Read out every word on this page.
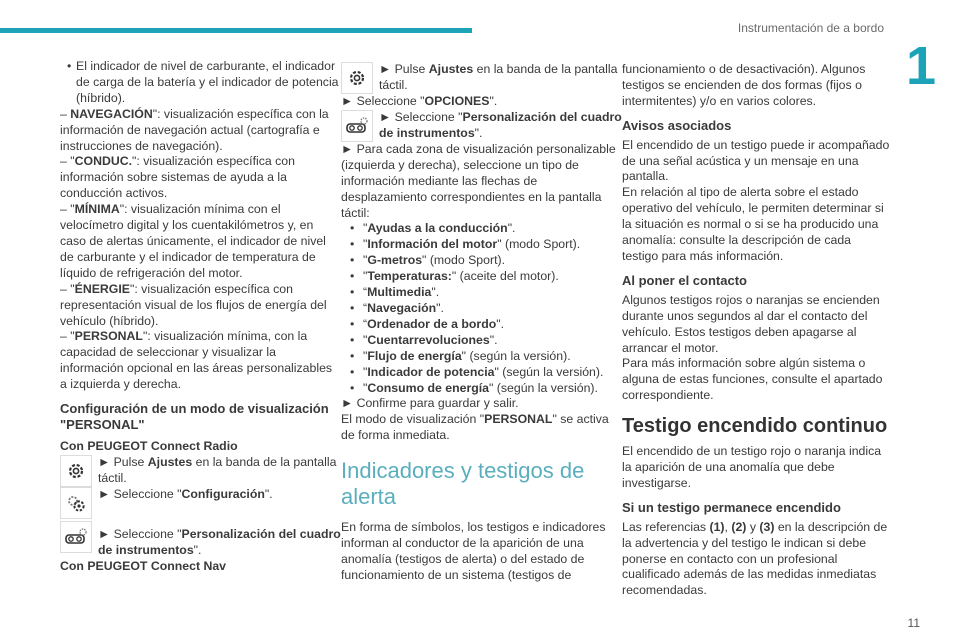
Instrumentación de a bordo
1

• El indicador de nivel de carburante, el indicador de carga de la batería y el indicador de potencia (híbrido).

– NAVEGACIÓN": visualización específica con la información de navegación actual (cartografía e instrucciones de navegación).

– "CONDUC.": visualización específica con información sobre sistemas de ayuda a la conducción activos.

– "MÍNIMA": visualización mínima con el velocímetro digital y los cuentakilómetros y, en caso de alertas únicamente, el indicador de nivel de carburante y el indicador de temperatura de líquido de refrigeración del motor.

– "ÉNERGIE": visualización específica con representación visual de los flujos de energía del vehículo (híbrido).

– "PERSONAL": visualización mínima, con la capacidad de seleccionar y visualizar la información opcional en las áreas personalizables a izquierda y derecha.

Configuración de un modo de visualización "PERSONAL"

Con PEUGEOT Connect Radio

► Pulse Ajustes en la banda de la pantalla táctil.

► Seleccione "Configuración".

► Seleccione "Personalización del cuadro de instrumentos".

Con PEUGEOT Connect Nav

► Pulse Ajustes en la banda de la pantalla táctil.

► Seleccione "OPCIONES".

► Seleccione "Personalización del cuadro de instrumentos".

► Para cada zona de visualización personalizable (izquierda y derecha), seleccione un tipo de información mediante las flechas de desplazamiento correspondientes en la pantalla táctil:

• "Ayudas a la conducción".

• "Información del motor" (modo Sport).

• "G-metros" (modo Sport).

• "Temperaturas:" (aceite del motor).

• “Multimedia".

• “Navegación".

• “Ordenador de a bordo".

• "Cuentarrevoluciones".

• "Flujo de energía" (según la versión).

• "Indicador de potencia" (según la versión).

• "Consumo de energía" (según la versión).

► Confirme para guardar y salir.

El modo de visualización "PERSONAL" se activa de forma inmediata.

Indicadores y testigos de alerta

En forma de símbolos, los testigos e indicadores informan al conductor de la aparición de una anomalía (testigos de alerta) o del estado de funcionamiento de un sistema (testigos de

funcionamiento o de desactivación). Algunos testigos se encienden de dos formas (fijos o intermitentes) y/o en varios colores.

Avisos asociados

El encendido de un testigo puede ir acompañado de una señal acústica y un mensaje en una pantalla.

En relación al tipo de alerta sobre el estado operativo del vehículo, le permiten determinar si la situación es normal o si se ha producido una anomalía: consulte la descripción de cada testigo para más información.

Al poner el contacto

Algunos testigos rojos o naranjas se encienden durante unos segundos al dar el contacto del vehículo. Estos testigos deben apagarse al arrancar el motor.

Para más información sobre algún sistema o alguna de estas funciones, consulte el apartado correspondiente.

Testigo encendido continuo

El encendido de un testigo rojo o naranja indica la aparición de una anomalía que debe investigarse.

Si un testigo permanece encendido

Las referencias (1), (2) y (3) en la descripción de la advertencia y del testigo le indican si debe ponerse en contacto con un profesional cualificado además de las medidas inmediatas recomendadas.

11
